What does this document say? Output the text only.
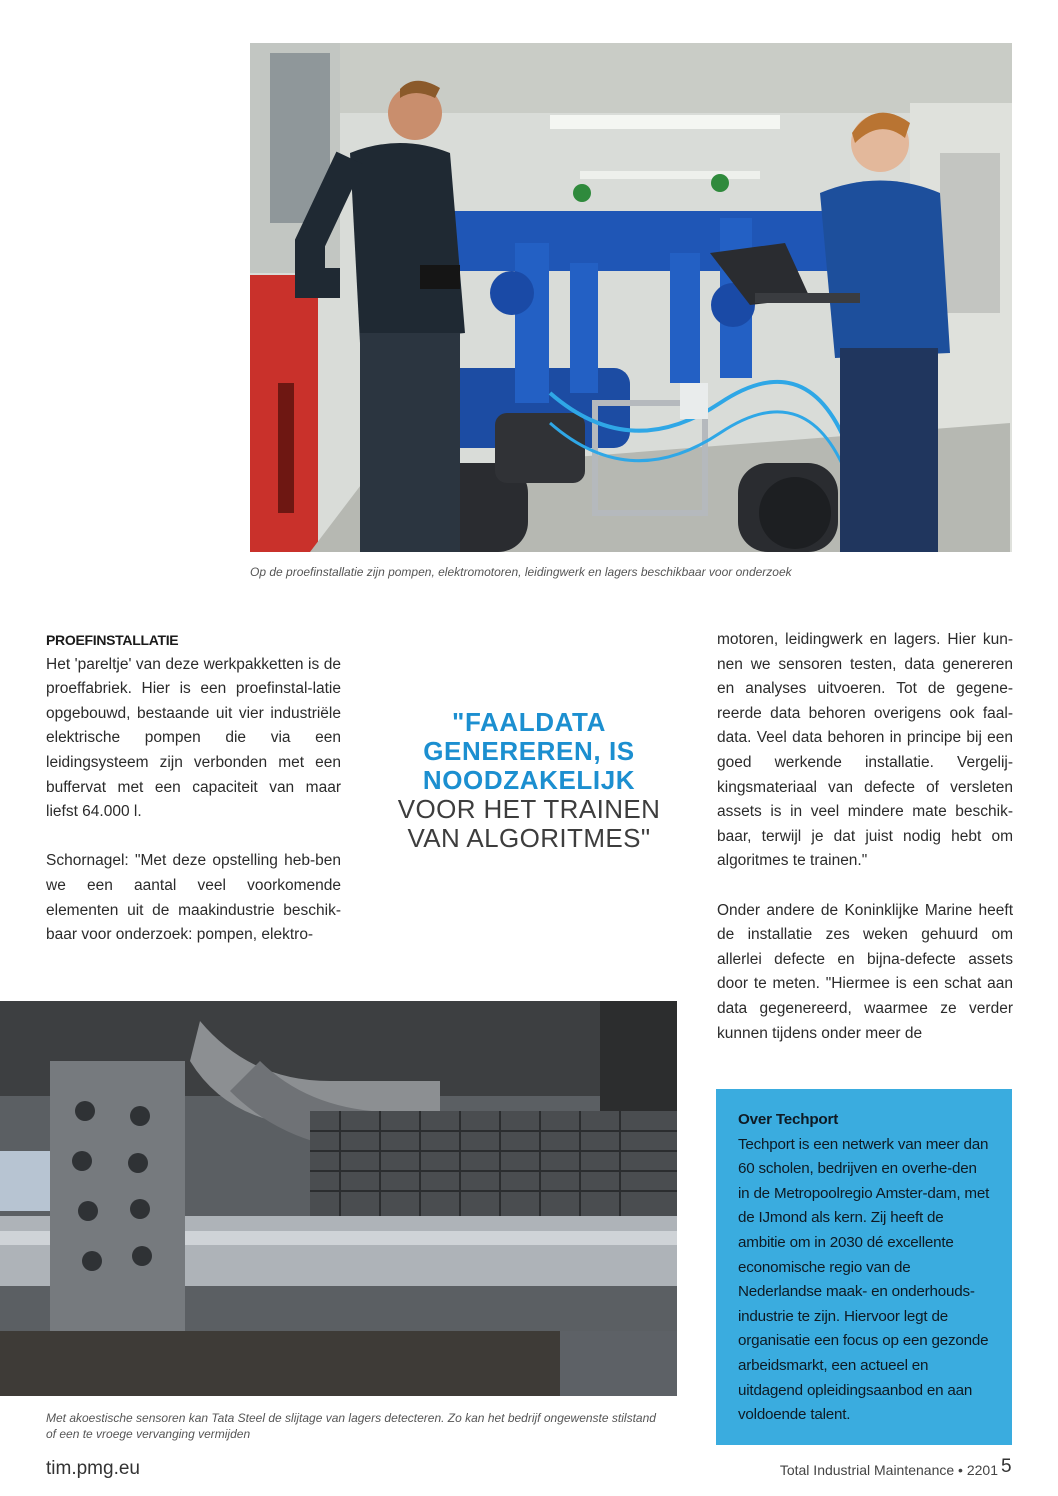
Op de proefinstallatie zijn pompen, elektromotoren, leidingwerk en lagers beschikbaar voor onderzoek
PROEFINSTALLATIE

Het 'pareltje' van deze werkpakketten is de proeffabriek. Hier is een proefinstal-latie opgebouwd, bestaande uit vier industriële elektrische pompen die via een leidingsysteem zijn verbonden met een buffervat met een capaciteit van maar liefst 64.000 l.

Schornagel: "Met deze opstelling heb-ben we een aantal veel voorkomende elementen uit de maakindustrie beschik-baar voor onderzoek: pompen, elektro-

"FAALDATA GENEREREN, IS NOODZAKELIJK
VOOR HET TRAINEN VAN ALGORITMES"

motoren, leidingwerk en lagers. Hier kun-nen we sensoren testen, data genereren en analyses uitvoeren. Tot de gegene-reerde data behoren overigens ook faal-data. Veel data behoren in principe bij een goed werkende installatie. Vergelij-kingsmateriaal van defecte of versleten assets is in veel mindere mate beschik-baar, terwijl je dat juist nodig hebt om algoritmes te trainen."

Onder andere de Koninklijke Marine heeft de installatie zes weken gehuurd om allerlei defecte en bijna-defecte assets door te meten. "Hiermee is een schat aan data gegenereerd, waarmee ze verder kunnen tijdens onder meer de

Met akoestische sensoren kan Tata Steel de slijtage van lagers detecteren. Zo kan het bedrijf ongewenste stilstand of een te vroege vervanging vermijden
Over Techport
Techport is een netwerk van meer dan 60 scholen, bedrijven en overhe-den in de Metropoolregio Amster-dam, met de IJmond als kern. Zij heeft de ambitie om in 2030 dé excellente economische regio van de Nederlandse maak- en onderhouds-industrie te zijn. Hiervoor legt de organisatie een focus op een gezonde arbeidsmarkt, een actueel en uitdagend opleidingsaanbod en aan voldoende talent.
tim.pmg.eu	Total Industrial Maintenance • 2201 5
